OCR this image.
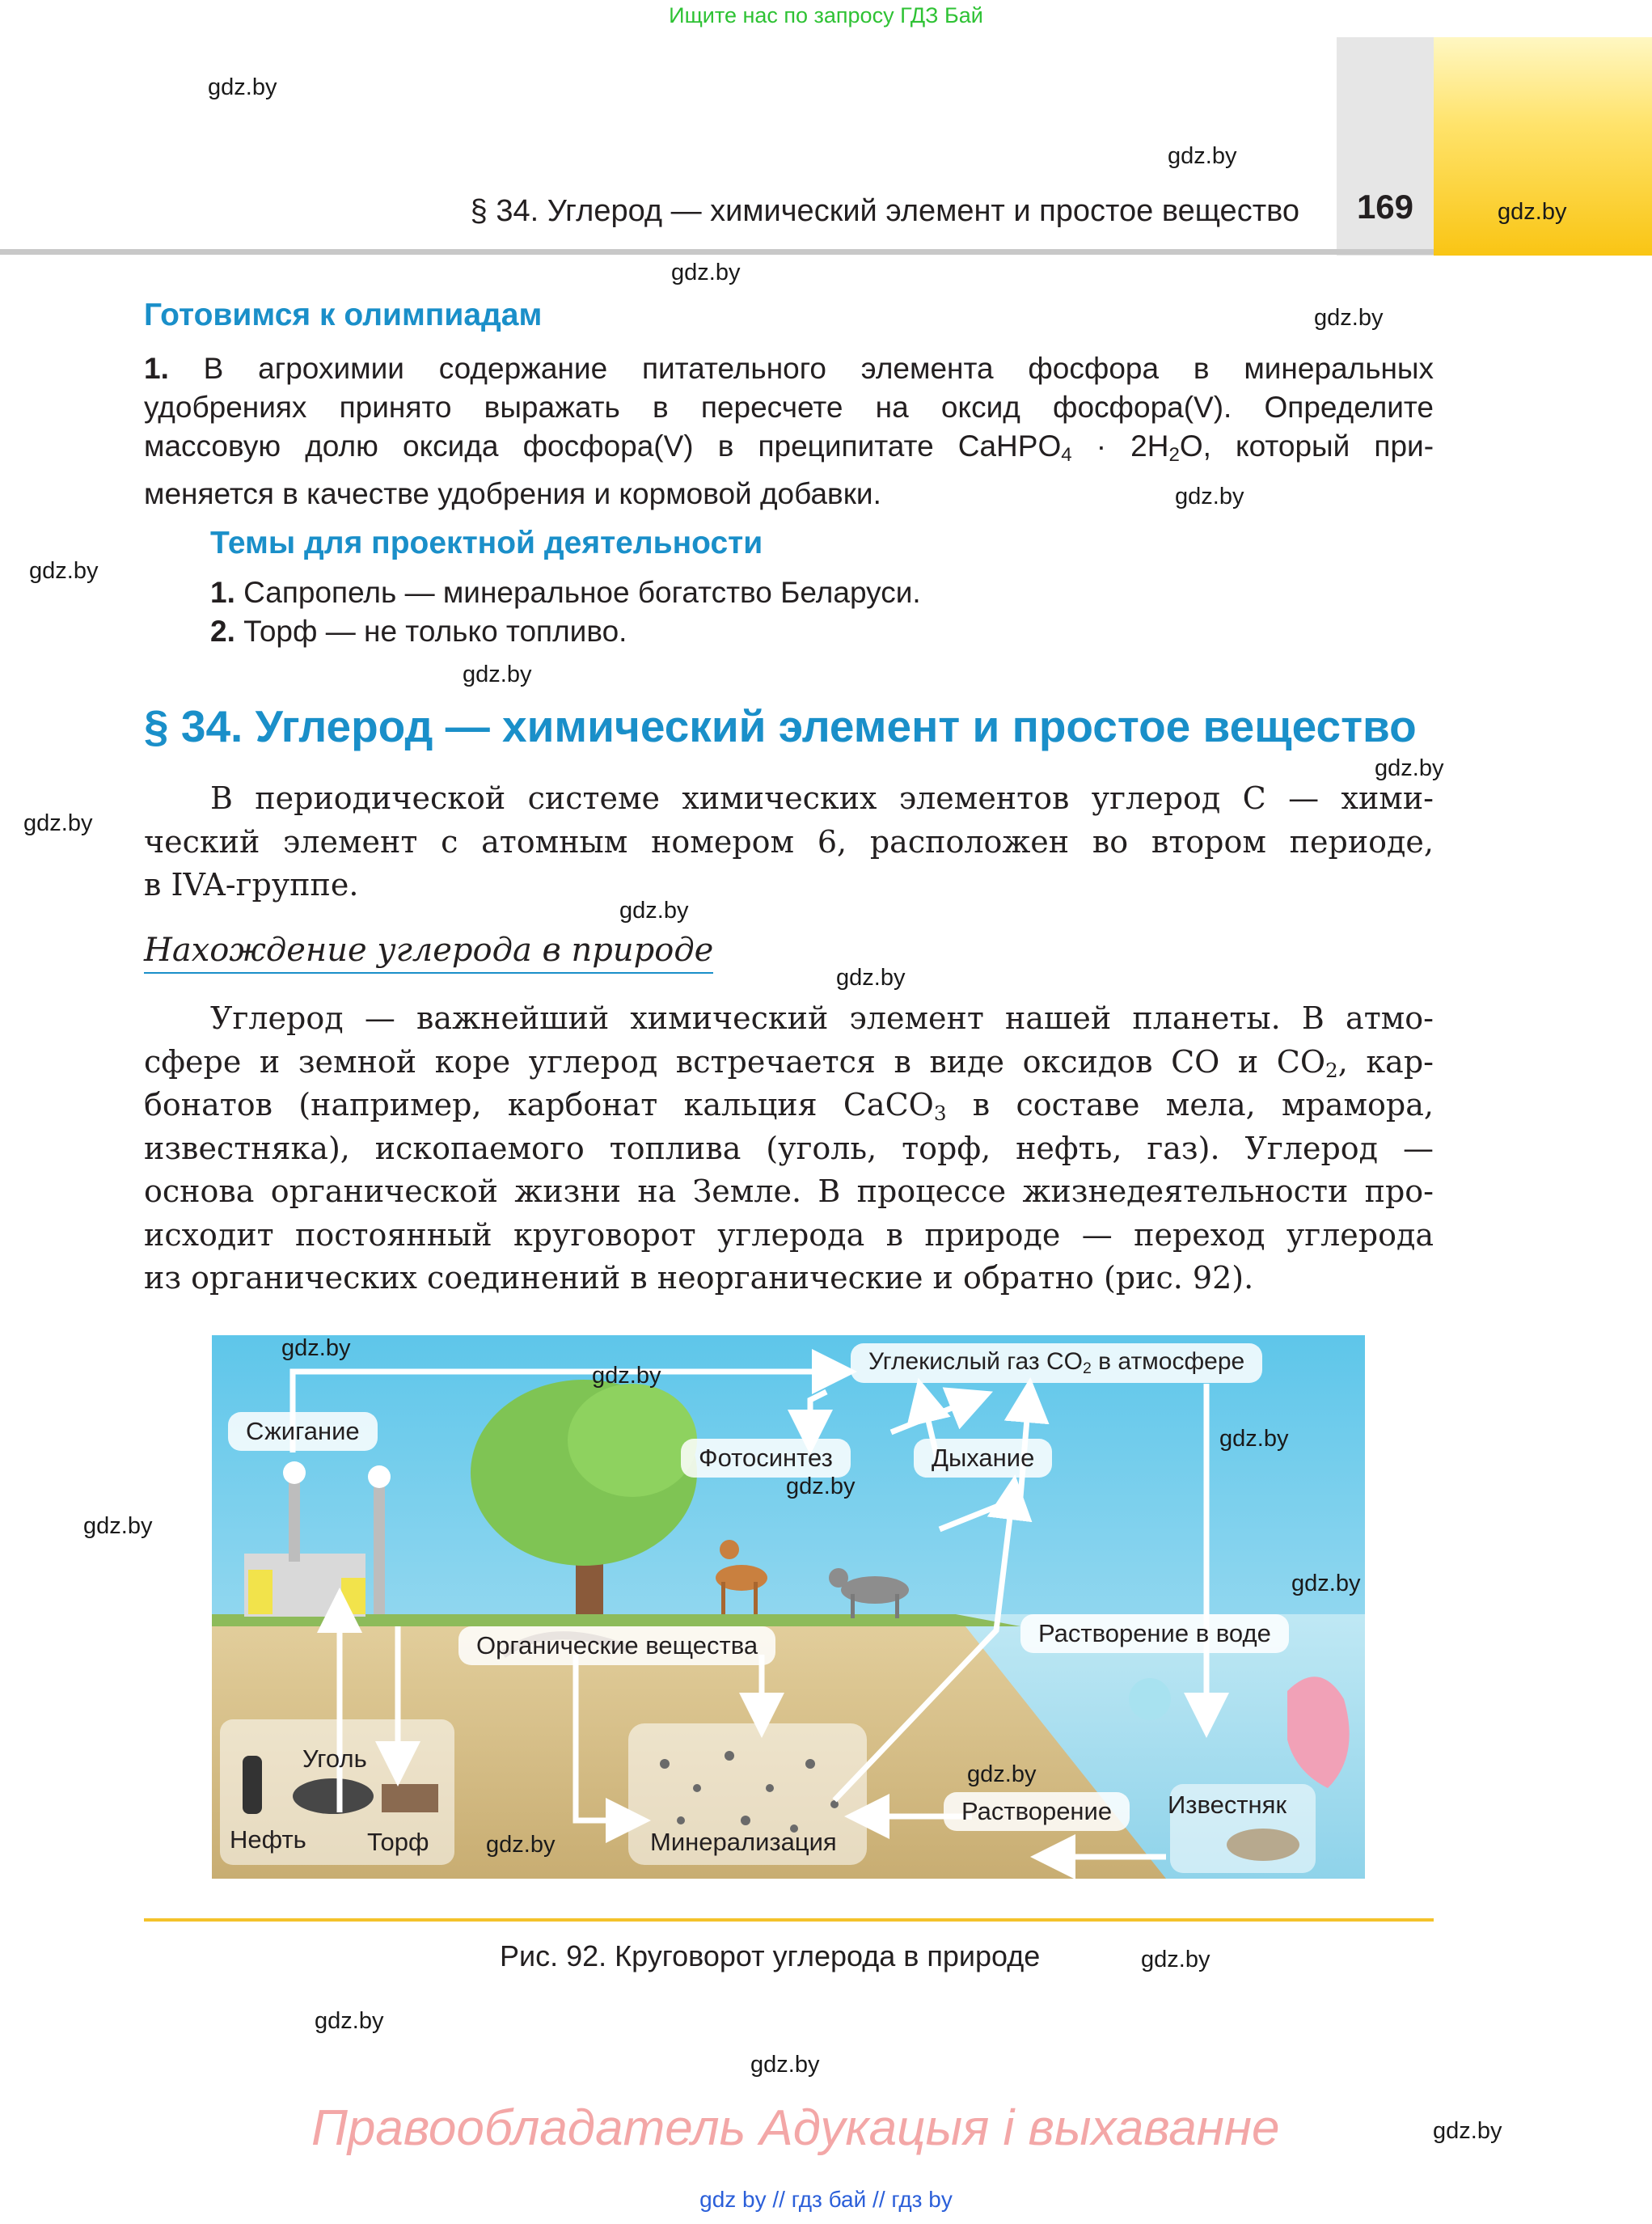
Ищите нас по запросу ГДЗ Бай
§ 34. Углерод — химический элемент и простое вещество	169
gdz.by
gdz.by
gdz.by
gdz.by
gdz.by
gdz.by
gdz.by
gdz.by
gdz.by
gdz.by
gdz.by
gdz.by
gdz.by
gdz.by
gdz.by
gdz.by
gdz.by
Готовимся к олимпиадам
1. В агрохимии содержание питательного элемента фосфора в минеральных
удобрениях принято выражать в пересчете на оксид фосфора(V). Определите
массовую долю оксида фосфора(V) в преципитате CaHPO$_4$ · $2H_2O$, который при-
меняется в качестве удобрения и кормовой добавки.
Темы для проектной деятельности
1. Сапропель — минеральное богатство Беларуси.
2. Торф — не только топливо.
§ 34. Углерод — химический элемент и простое вещество
В периодической системе химических элементов углерод C — хими-
ческий элемент с атомным номером 6, расположен во втором периоде,
в IVA-группе.
Нахождение углерода в природе
Углерод — важнейший химический элемент нашей планеты. В атмо-
сфере и земной коре углерод встречается в виде оксидов CO и $CO_2$, кар-
бонатов (например, карбонат кальция CaCO$_3$ в составе мела, мрамора,
известняка), ископаемого топлива (уголь, торф, нефть, газ). Углерод —
основа органической жизни на Земле. В процессе жизнедеятельности про-
исходит постоянный круговорот углерода в природе — переход углерода
из органических соединений в неорганические и обратно (рис. 92).
Углекислый газ $CO_2$ в атмосфере
Сжигание
Фотосинтез	Дыхание
Органические вещества	Растворение в воде
Уголь
Нефть	Торф	Минерализация
Растворение	Известняк
gdz.by
gdz.by
gdz.by
gdz.by
gdz.by
gdz.by
gdz.by
Рис. 92. Круговорот углерода в природе
Правообладатель Адукацыя і выхаванне
gdz by // гдз бай // гдз by
